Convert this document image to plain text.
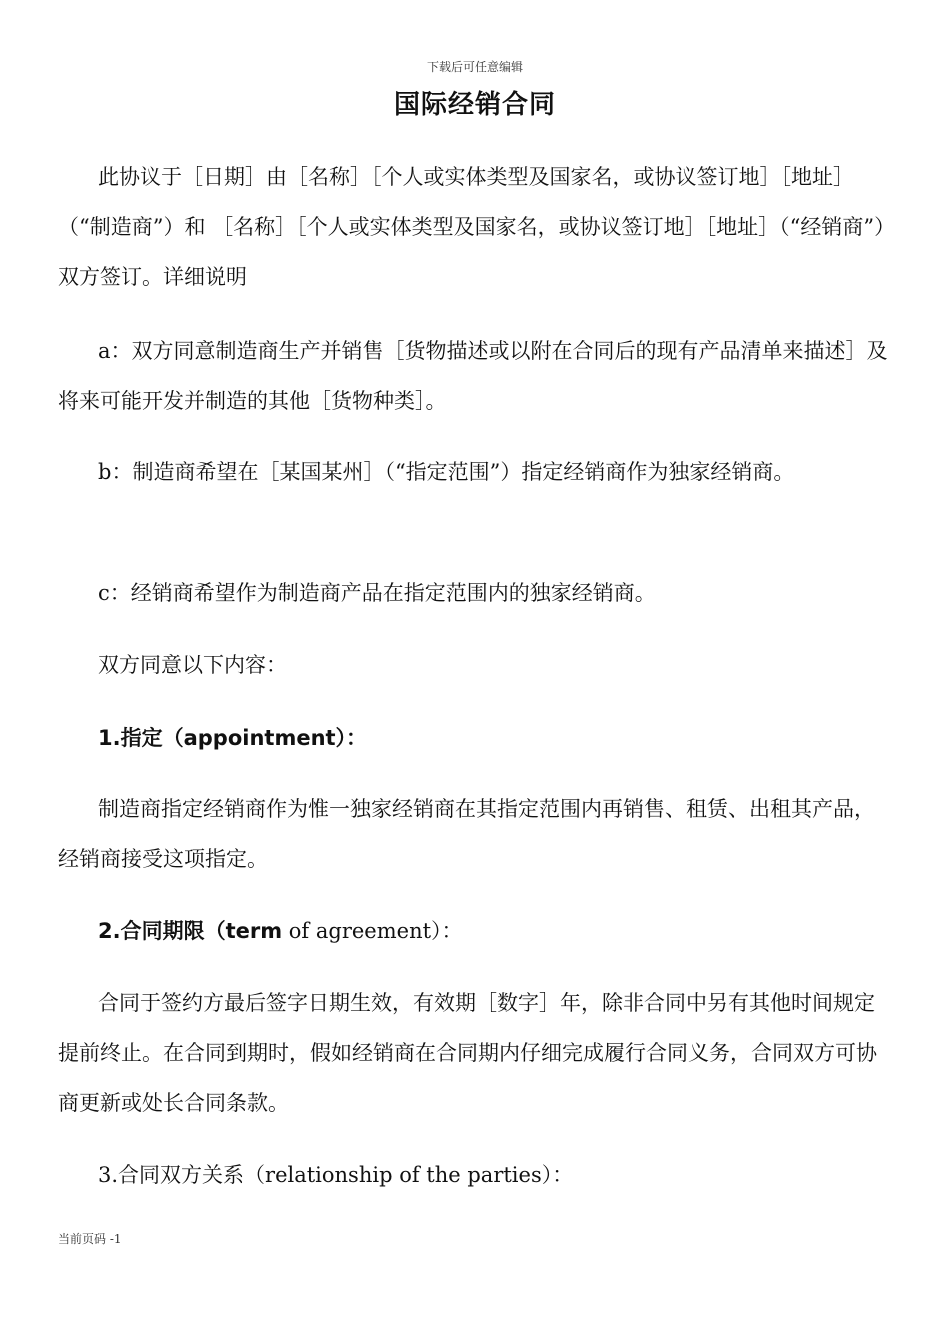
下载后可任意编辑
国际经销合同

此协议于［日期］由［名称］［个人或实体类型及国家名，或协议签订地］［地址］（“制造商”）和 ［名称］［个人或实体类型及国家名，或协议签订地］［地址］（“经销商”）双方签订。详细说明

a：双方同意制造商生产并销售［货物描述或以附在合同后的现有产品清单来描述］及将来可能开发并制造的其他［货物种类］。

b：制造商希望在［某国某州］（“指定范围”）指定经销商作为独家经销商。

c：经销商希望作为制造商产品在指定范围内的独家经销商。

双方同意以下内容：

1.指定（appointment）：

制造商指定经销商作为惟一独家经销商在其指定范围内再销售、租赁、出租其产品，经销商接受这项指定。

2.合同期限（term of agreement）：

合同于签约方最后签字日期生效，有效期［数字］年，除非合同中另有其他时间规定提前终止。在合同到期时，假如经销商在合同期内仔细完成履行合同义务，合同双方可协商更新或处长合同条款。

3.合同双方关系（relationship of the parties）：

当前页码 -1
